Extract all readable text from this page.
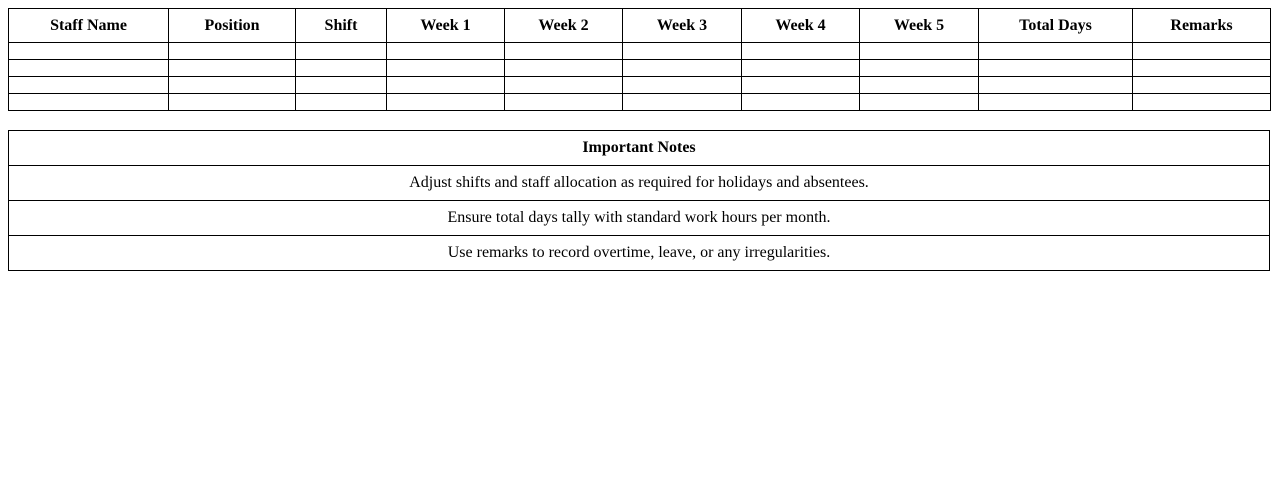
Staff Name	Position	Shift	Week 1	Week 2	Week 3	Week 4	Week 5	Total Days	Remarks

Important Notes
Adjust shifts and staff allocation as required for holidays and absentees.
Ensure total days tally with standard work hours per month.
Use remarks to record overtime, leave, or any irregularities.
